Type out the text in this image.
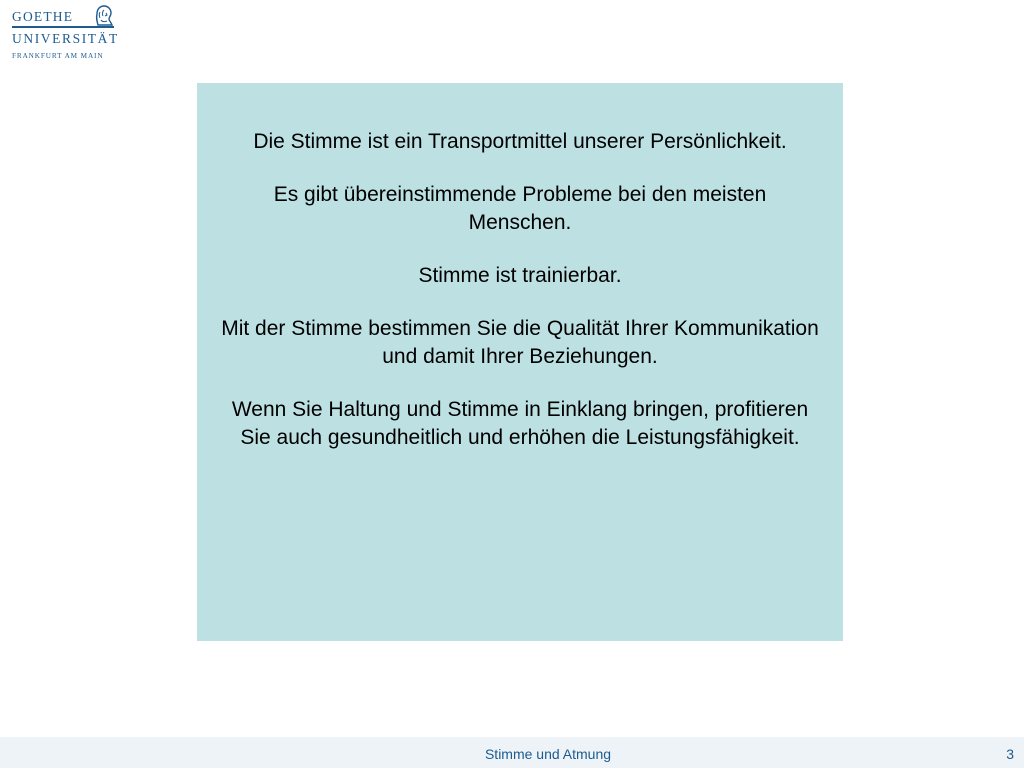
GOETHE
UNIVERSITÄT
FRANKFURT AM MAIN

Die Stimme ist ein Transportmittel unserer Persönlichkeit.

Es gibt übereinstimmende Probleme bei den meisten Menschen.

Stimme ist trainierbar.

Mit der Stimme bestimmen Sie die Qualität Ihrer Kommunikation und damit Ihrer Beziehungen.

Wenn Sie Haltung und Stimme in Einklang bringen, profitieren Sie auch gesundheitlich und erhöhen die Leistungsfähigkeit.

Stimme und Atmung	3
